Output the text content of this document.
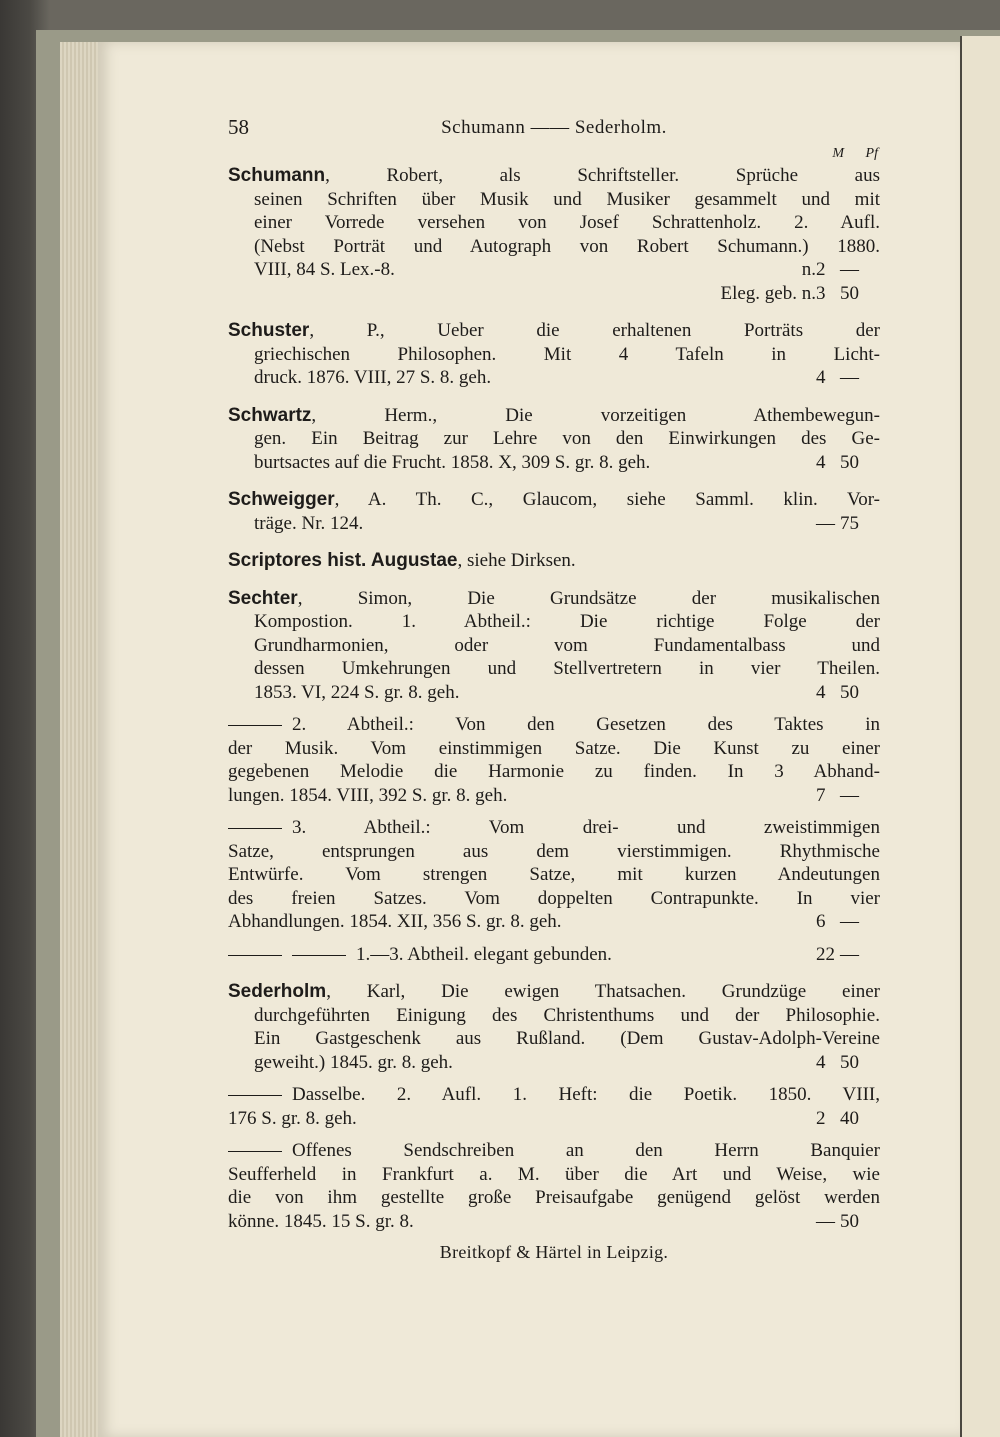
58	Schumann —— Sederholm.
M Pf
Schumann, Robert, als Schriftsteller. Sprüche aus
seinen Schriften über Musik und Musiker gesammelt und mit
einer Vorrede versehen von Josef Schrattenholz. 2. Aufl.
(Nebst Porträt und Autograph von Robert Schumann.) 1880.
VIII, 84 S. Lex.-8.	n.2 —
Eleg. geb. n.3 50

Schuster, P., Ueber die erhaltenen Porträts der
griechischen Philosophen. Mit 4 Tafeln in Licht-
druck. 1876. VIII, 27 S. 8. geh.	4 —
Schwartz, Herm., Die vorzeitigen Athembewegun-
gen. Ein Beitrag zur Lehre von den Einwirkungen des Ge-
burtsactes auf die Frucht. 1858. X, 309 S. gr. 8. geh.	4 50
Schweigger, A. Th. C., Glaucom, siehe Samml. klin. Vor-
träge. Nr. 124.	— 75
Scriptores hist. Augustae, siehe Dirksen.
Sechter, Simon, Die Grundsätze der musikalischen
Kompostion. 1. Abtheil.: Die richtige Folge der
Grundharmonien, oder vom Fundamentalbass und
dessen Umkehrungen und Stellvertretern in vier Theilen.
1853. VI, 224 S. gr. 8. geh.	4 50
2. Abtheil.: Von den Gesetzen des Taktes in
der Musik. Vom einstimmigen Satze. Die Kunst zu einer
gegebenen Melodie die Harmonie zu finden. In 3 Abhand-
lungen. 1854. VIII, 392 S. gr. 8. geh.	7 —
3. Abtheil.: Vom drei- und zweistimmigen
Satze, entsprungen aus dem vierstimmigen. Rhythmische
Entwürfe. Vom strengen Satze, mit kurzen Andeutungen
des freien Satzes. Vom doppelten Contrapunkte. In vier
Abhandlungen. 1854. XII, 356 S. gr. 8. geh.	6 —
1.—3. Abtheil. elegant gebunden.	22 —
Sederholm, Karl, Die ewigen Thatsachen. Grundzüge einer
durchgeführten Einigung des Christenthums und der Philosophie.
Ein Gastgeschenk aus Rußland. (Dem Gustav-Adolph-Vereine
geweiht.) 1845. gr. 8. geh.	4 50
Dasselbe. 2. Aufl. 1. Heft: die Poetik. 1850. VIII,
176 S. gr. 8. geh.	2 40
Offenes Sendschreiben an den Herrn Banquier
Seufferheld in Frankfurt a. M. über die Art und Weise, wie
die von ihm gestellte große Preisaufgabe genügend gelöst werden
könne. 1845. 15 S. gr. 8.	— 50
Breitkopf & Härtel in Leipzig.
